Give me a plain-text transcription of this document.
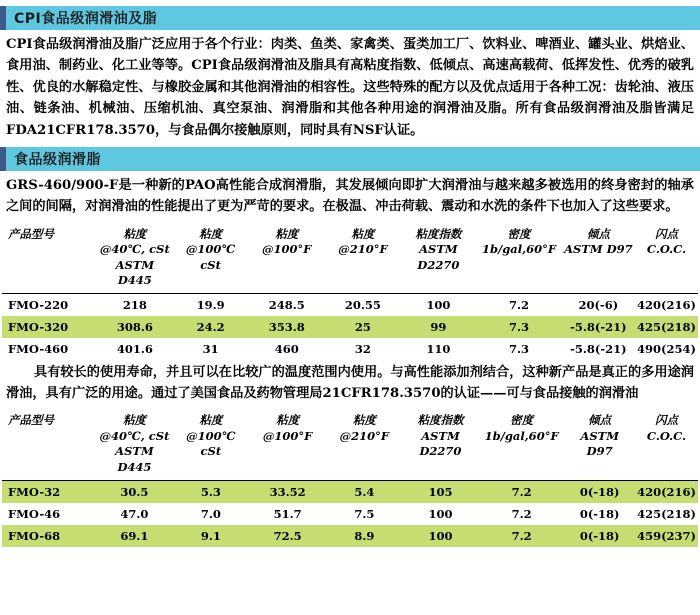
CPI食品级润滑油及脂
CPI食品级润滑油及脂广泛应用于各个行业：肉类、鱼类、家禽类、蛋类加工厂、饮料业、啤酒业、罐头业、烘焙业、食用油、制药业、化工业等等。CPI食品级润滑油及脂具有高粘度指数、低倾点、高速高载荷、低挥发性、优秀的破乳性、优良的水解稳定性、与橡胶金属和其他润滑油的相容性。这些特殊的配方以及优点适用于各种工况：齿轮油、液压油、链条油、机械油、压缩机油、真空泵油、润滑脂和其他各种用途的润滑油及脂。所有食品级润滑油及脂皆满足FDA21CFR178.3570，与食品偶尔接触原则，同时具有NSF认证。
食品级润滑脂
GRS-460/900-F是一种新的PAO高性能合成润滑脂，其发展倾向即扩大润滑油与越来越多被选用的终身密封的轴承之间的间隔，对润滑油的性能提出了更为严苛的要求。在极温、冲击荷载、震动和水洗的条件下也加入了这些要求。
产品型号	粘度
@40℃, cSt
ASTM D445	粘度
@100℃ cSt	粘度
@100°F	粘度
@210°F	粘度指数
ASTM D2270	密度
1b/gal,60°F	倾点
ASTM D97	闪点
C.O.C.

FMO-220	218	19.9	248.5	20.55	100	7.2	20(-6)	420(216)
FMO-320	308.6	24.2	353.8	25	99	7.3	-5.8(-21)	425(218)
FMO-460	401.6	31	460	32	110	7.3	-5.8(-21)	490(254)
具有较长的使用寿命，并且可以在比较广的温度范围内使用。与高性能添加剂结合，这种新产品是真正的多用途润滑油，具有广泛的用途。通过了美国食品及药物管理局21CFR178.3570的认证——可与食品接触的润滑油
产品型号	粘度
@40℃, cSt
ASTM D445	粘度
@100℃ cSt	粘度
@100°F	粘度
@210°F	粘度指数
ASTM D2270	密度
1b/gal,60°F	倾点
ASTM D97	闪点
C.O.C.

FMO-32	30.5	5.3	33.52	5.4	105	7.2	0(-18)	420(216)
FMO-46	47.0	7.0	51.7	7.5	100	7.2	0(-18)	425(218)
FMO-68	69.1	9.1	72.5	8.9	100	7.2	0(-18)	459(237)
